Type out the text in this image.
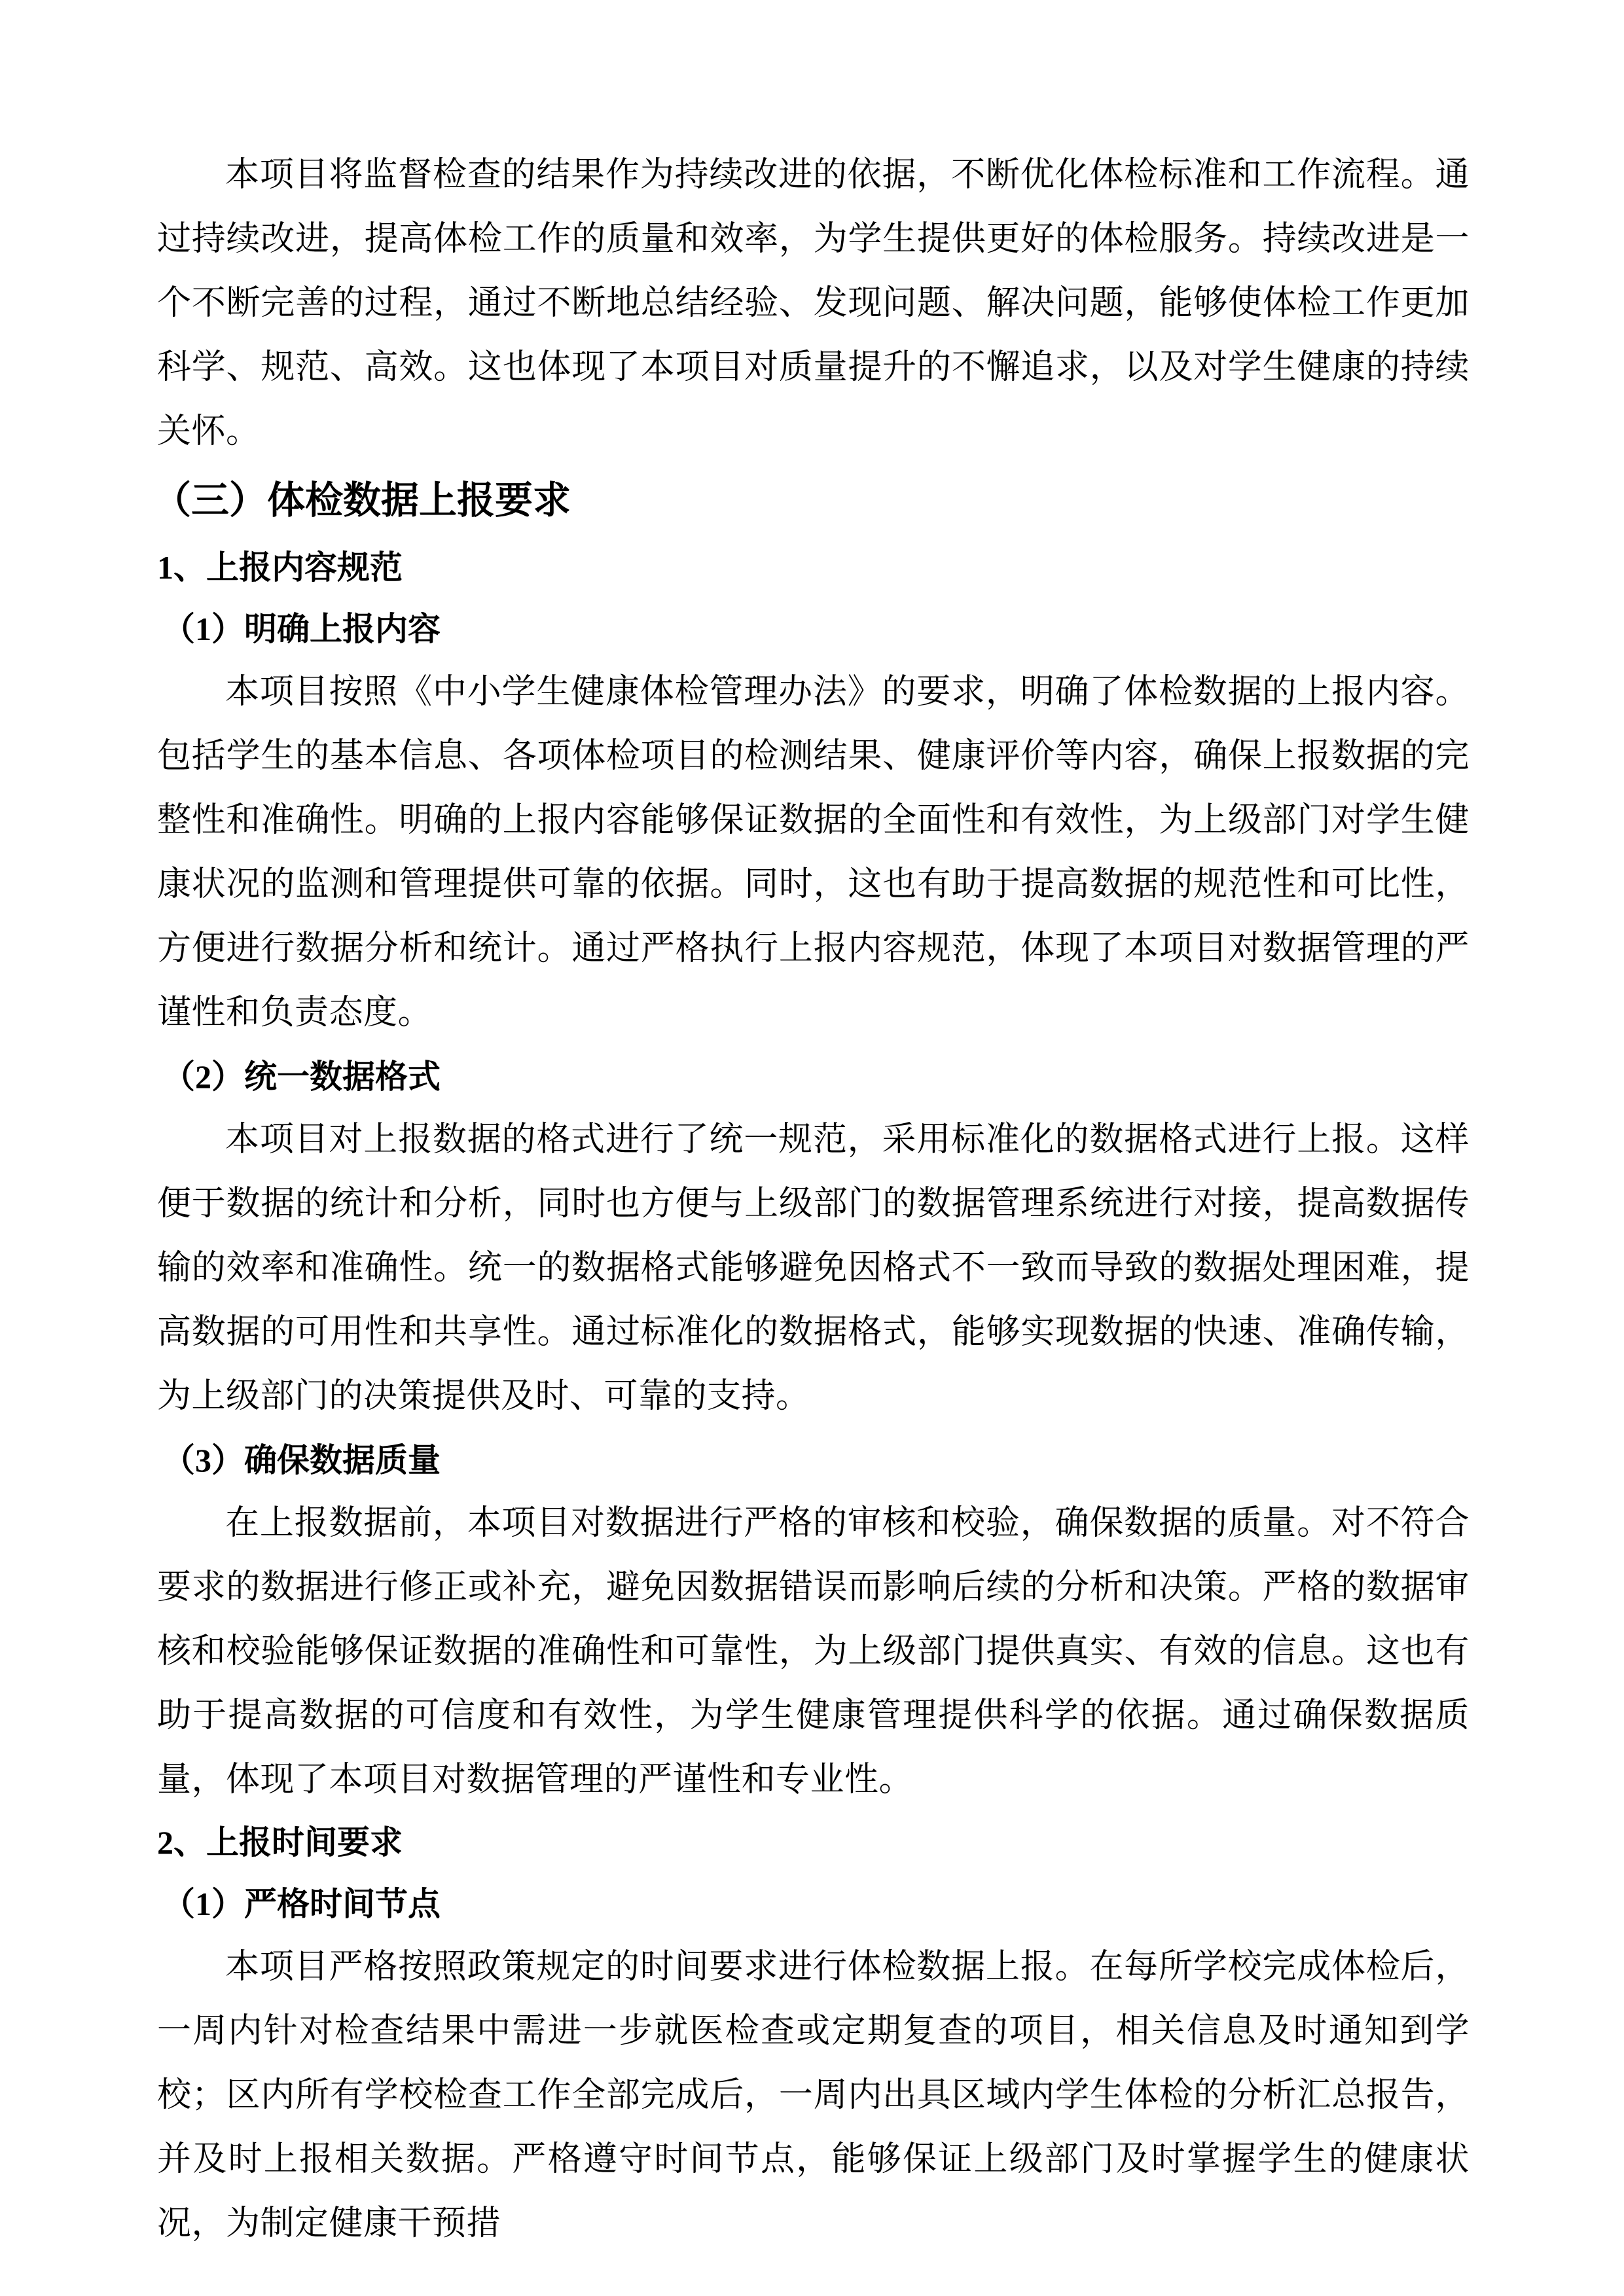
本项目将监督检查的结果作为持续改进的依据，不断优化体检标准和工作流程。通过持续改进，提高体检工作的质量和效率，为学生提供更好的体检服务。持续改进是一个不断完善的过程，通过不断地总结经验、发现问题、解决问题，能够使体检工作更加科学、规范、高效。这也体现了本项目对质量提升的不懈追求，以及对学生健康的持续关怀。

（三）体检数据上报要求
1、上报内容规范
（1）明确上报内容

本项目按照《中小学生健康体检管理办法》的要求，明确了体检数据的上报内容。包括学生的基本信息、各项体检项目的检测结果、健康评价等内容，确保上报数据的完整性和准确性。明确的上报内容能够保证数据的全面性和有效性，为上级部门对学生健康状况的监测和管理提供可靠的依据。同时，这也有助于提高数据的规范性和可比性，方便进行数据分析和统计。通过严格执行上报内容规范，体现了本项目对数据管理的严谨性和负责态度。

（2）统一数据格式

本项目对上报数据的格式进行了统一规范，采用标准化的数据格式进行上报。这样便于数据的统计和分析，同时也方便与上级部门的数据管理系统进行对接，提高数据传输的效率和准确性。统一的数据格式能够避免因格式不一致而导致的数据处理困难，提高数据的可用性和共享性。通过标准化的数据格式，能够实现数据的快速、准确传输，为上级部门的决策提供及时、可靠的支持。

（3）确保数据质量

在上报数据前，本项目对数据进行严格的审核和校验，确保数据的质量。对不符合要求的数据进行修正或补充，避免因数据错误而影响后续的分析和决策。严格的数据审核和校验能够保证数据的准确性和可靠性，为上级部门提供真实、有效的信息。这也有助于提高数据的可信度和有效性，为学生健康管理提供科学的依据。通过确保数据质量，体现了本项目对数据管理的严谨性和专业性。

2、上报时间要求
（1）严格时间节点

本项目严格按照政策规定的时间要求进行体检数据上报。在每所学校完成体检后，一周内针对检查结果中需进一步就医检查或定期复查的项目，相关信息及时通知到学校；区内所有学校检查工作全部完成后，一周内出具区域内学生体检的分析汇总报告，并及时上报相关数据。严格遵守时间节点，能够保证上级部门及时掌握学生的健康状况，为制定健康干预措
